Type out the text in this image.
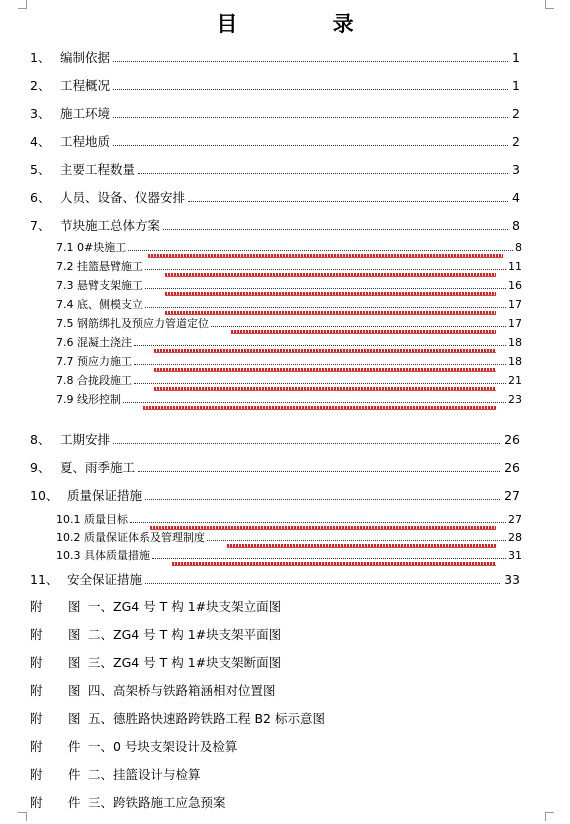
目 录
1、 编制依据	1
2、 工程概况	1
3、 施工环境	2
4、 工程地质	2
5、 主要工程数量	3
6、 人员、设备、仪器安排	4
7、 节块施工总体方案	8
7.1 0#块施工	8
7.2 挂篮悬臂施工	11
7.3 悬臂支架施工	16
7.4 底、侧模支立	17
7.5 钢筋绑扎及预应力管道定位	17
7.6 混凝土浇注	18
7.7 预应力施工	18
7.8 合拢段施工	21
7.9 线形控制	23
8、 工期安排	26
9、 夏、雨季施工	26
10、 质量保证措施	27
10.1 质量目标	27
10.2 质量保证体系及管理制度	28
10.3 具体质量措施	31
11、 安全保证措施	33
附 图 一、ZG4 号 T 构 1#块支架立面图
附 图 二、ZG4 号 T 构 1#块支架平面图
附 图 三、ZG4 号 T 构 1#块支架断面图
附 图 四、高架桥与铁路箱涵相对位置图
附 图 五、德胜路快速路跨铁路工程 B2 标示意图
附 件 一、0 号块支架设计及检算
附 件 二、挂篮设计与检算
附 件 三、跨铁路施工应急预案
